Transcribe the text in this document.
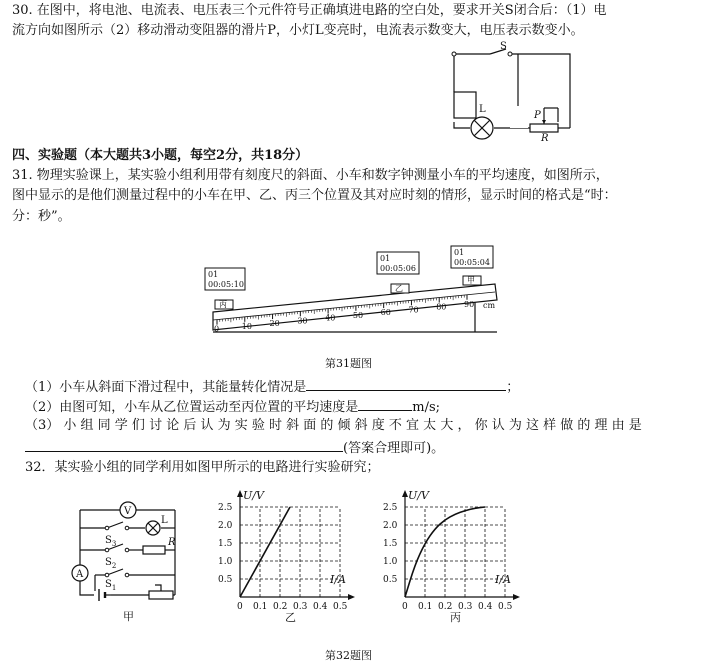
30. 在图中，将电池、电流表、电压表三个元件符号正确填进电路的空白处，要求开关S闭合后：（1）电
流方向如图所示（2）移动滑动变阻器的滑片P，小灯L变亮时，电流表示数变大，电压表示数变小。
S
L
P
R
四、实验题（本大题共3小题，每空2分，共18分）
31. 物理实验课上，某实验小组利用带有刻度尺的斜面、小车和数字钟测量小车的平均速度，如图所示，
图中显示的是他们测量过程中的小车在甲、乙、丙三个位置及其对应时刻的情形，显示时间的格式是“时：
分：秒”。
0	10 20 30 40 50 60 70 80 90
丙
乙
甲
01
00:05:10
01
00:05:06
01
00:05:04
cm
第31题图
（1）小车从斜面下滑过程中，其能量转化情况是	；
（2）由图可知，小车从乙位置运动至丙位置的平均速度是	m/s;
（3） 小 组 同 学 们 讨 论 后 认 为 实 验 时 斜 面 的 倾 斜 度 不 宜 太 大 ， 你 认 为 这 样 做 的 理 由 是
(答案合理即可)。
32．某实验小组的同学利用如图甲所示的电路进行实验研究；
V
L
A
$S_3$
$S_2$
$S_1$
R
甲
U/V
I/A
2.5
2.0
1.5
1.0
0.5
0 0.1 0.2 0.3 0.4 0.5
乙
U/V
I/A
2.5
2.0
1.5
1.0
0.5
0 0.1 0.2 0.3 0.4 0.5
丙
第32题图
